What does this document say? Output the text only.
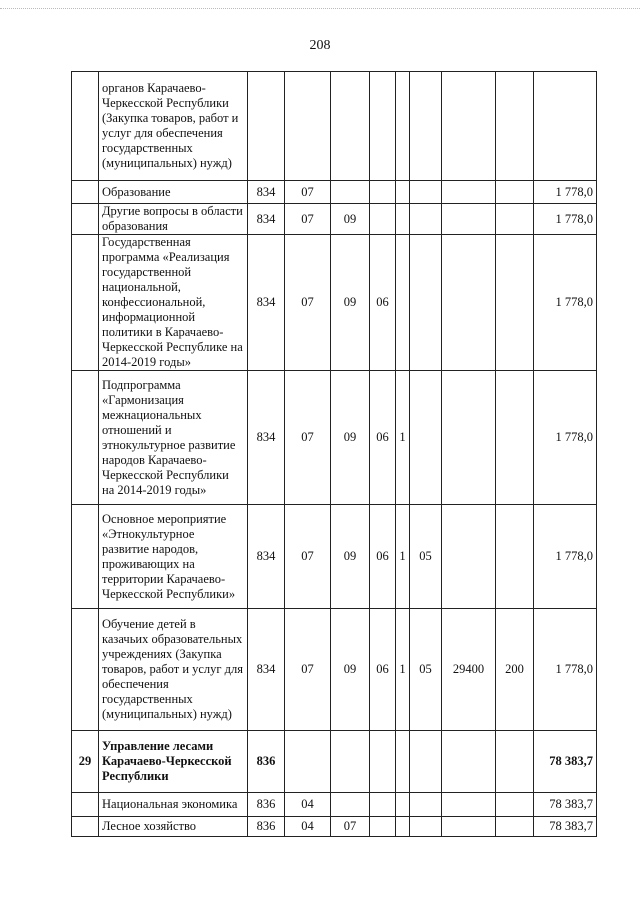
208
	органов Карачаево-Черкесской Республики (Закупка товаров, работ и услуг для обеспечения государственных (муниципальных) нужд)									
	Образование	834	07							1 778,0
	Другие вопросы в области образования	834	07	09						1 778,0
	Государственная программа «Реализация государственной национальной, конфессиональной, информационной политики в Карачаево-Черкесской Республике на 2014-2019 годы»	834	07	09	06					1 778,0
	Подпрограмма «Гармонизация межнациональных отношений и этнокультурное развитие народов Карачаево-Черкесской Республики на 2014-2019 годы»	834	07	09	06	1				1 778,0
	Основное мероприятие «Этнокультурное развитие народов, проживающих на территории Карачаево-Черкесской Республики»	834	07	09	06	1	05			1 778,0
	Обучение детей в казачьих образовательных учреждениях (Закупка товаров, работ и услуг для обеспечения государственных (муниципальных) нужд)	834	07	09	06	1	05	29400	200	1 778,0
29	Управление лесами Карачаево-Черкесской Республики	836								78 383,7
	Национальная экономика	836	04							78 383,7
	Лесное хозяйство	836	04	07						78 383,7
